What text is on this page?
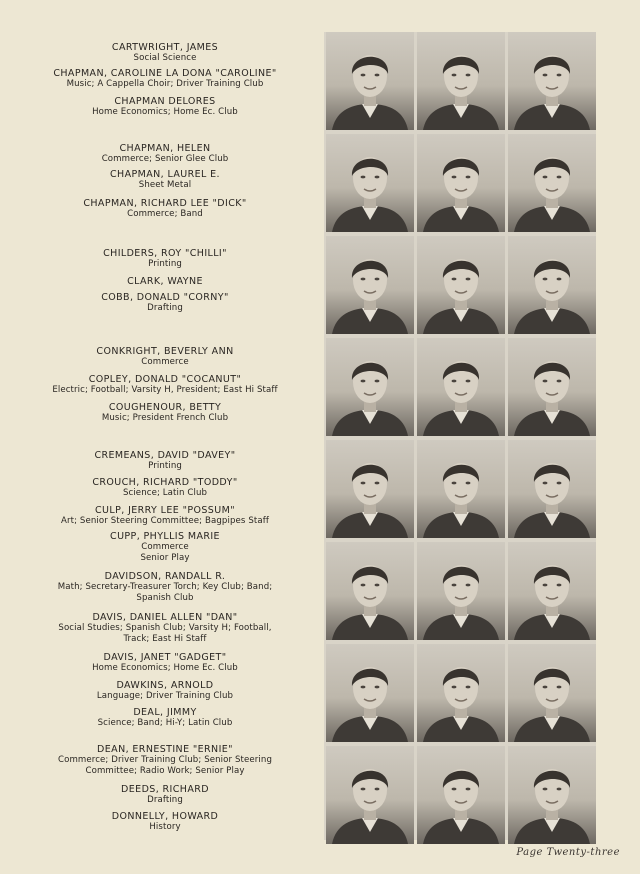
CARTWRIGHT, JAMES
Social Science
CHAPMAN, CAROLINE LA DONA "CAROLINE"
Music; A Cappella Choir; Driver Training Club
CHAPMAN DELORES
Home Economics; Home Ec. Club
CHAPMAN, HELEN
Commerce; Senior Glee Club
CHAPMAN, LAUREL E.
Sheet Metal
CHAPMAN, RICHARD LEE "DICK"
Commerce; Band
CHILDERS, ROY "CHILLI"
Printing
CLARK, WAYNE
COBB, DONALD "CORNY"
Drafting
CONKRIGHT, BEVERLY ANN
Commerce
COPLEY, DONALD "COCANUT"
Electric; Football; Varsity H, President; East Hi Staff
COUGHENOUR, BETTY
Music; President French Club
CREMEANS, DAVID "DAVEY"
Printing
CROUCH, RICHARD "TODDY"
Science; Latin Club
CULP, JERRY LEE "POSSUM"
Art; Senior Steering Committee; Bagpipes Staff
CUPP, PHYLLIS MARIE
Commerce
Senior Play
DAVIDSON, RANDALL R.
Math; Secretary-Treasurer Torch; Key Club; Band;
Spanish Club
DAVIS, DANIEL ALLEN "DAN"
Social Studies; Spanish Club; Varsity H; Football,
Track; East Hi Staff
DAVIS, JANET "GADGET"
Home Economics; Home Ec. Club
DAWKINS, ARNOLD
Language; Driver Training Club
DEAL, JIMMY
Science; Band; Hi-Y; Latin Club
DEAN, ERNESTINE "ERNIE"
Commerce; Driver Training Club; Senior Steering
Committee; Radio Work; Senior Play
DEEDS, RICHARD
Drafting
DONNELLY, HOWARD
History
Page Twenty-three
